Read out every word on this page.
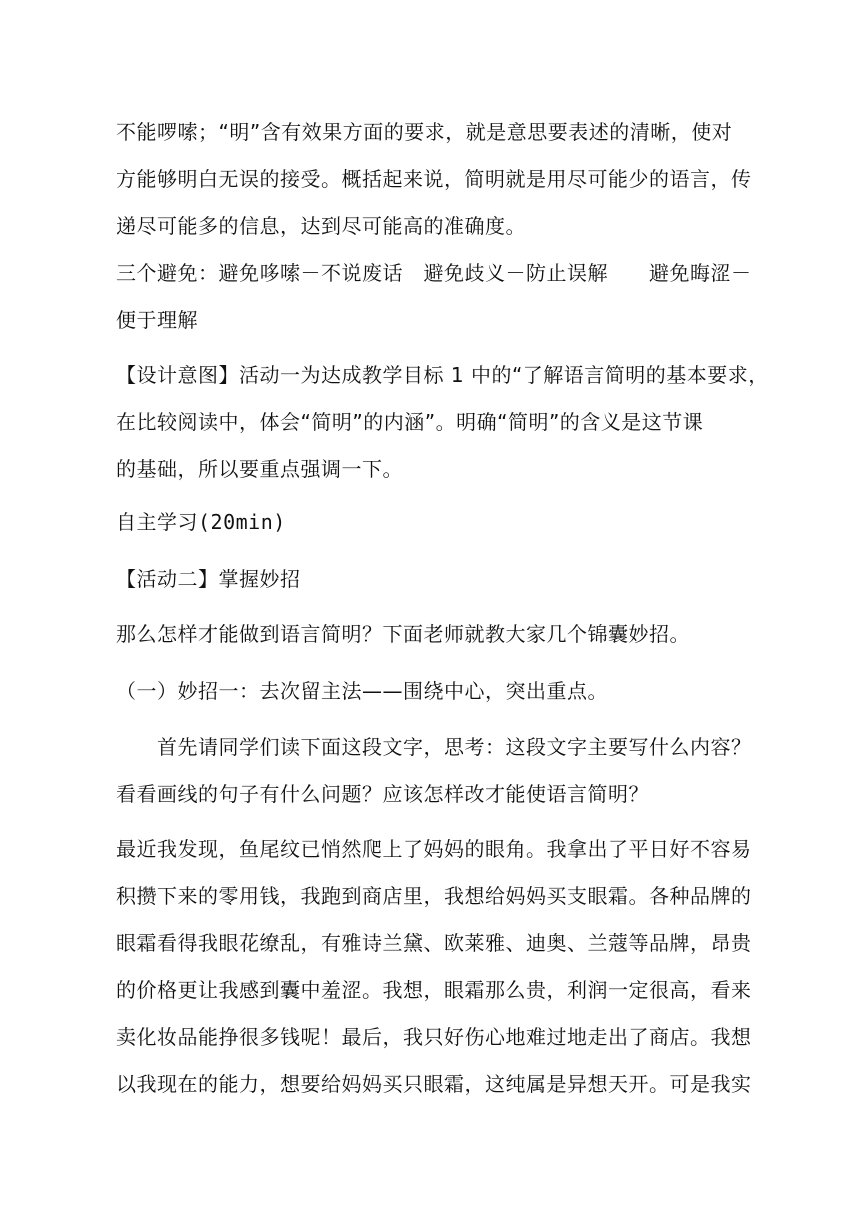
不能啰嗦；“明”含有效果方面的要求，就是意思要表述的清晰，使对
方能够明白无误的接受。概括起来说，简明就是用尽可能少的语言，传
递尽可能多的信息，达到尽可能高的准确度。
三个避免：避免哆嗦－不说废话　避免歧义－防止误解　　避免晦涩－
便于理解
【设计意图】活动一为达成教学目标 1 中的“了解语言简明的基本要求，
在比较阅读中，体会“简明”的内涵”。明确“简明”的含义是这节课
的基础，所以要重点强调一下。
自主学习(20min)
【活动二】掌握妙招
那么怎样才能做到语言简明？下面老师就教大家几个锦囊妙招。
（一）妙招一：去次留主法——围绕中心，突出重点。
　　首先请同学们读下面这段文字，思考：这段文字主要写什么内容？
看看画线的句子有什么问题？应该怎样改才能使语言简明？
最近我发现，鱼尾纹已悄然爬上了妈妈的眼角。我拿出了平日好不容易
积攒下来的零用钱，我跑到商店里，我想给妈妈买支眼霜。各种品牌的
眼霜看得我眼花缭乱，有雅诗兰黛、欧莱雅、迪奥、兰蔻等品牌，昂贵
的价格更让我感到囊中羞涩。我想，眼霜那么贵，利润一定很高，看来
卖化妆品能挣很多钱呢！最后，我只好伤心地难过地走出了商店。我想
以我现在的能力，想要给妈妈买只眼霜，这纯属是异想天开。可是我实
